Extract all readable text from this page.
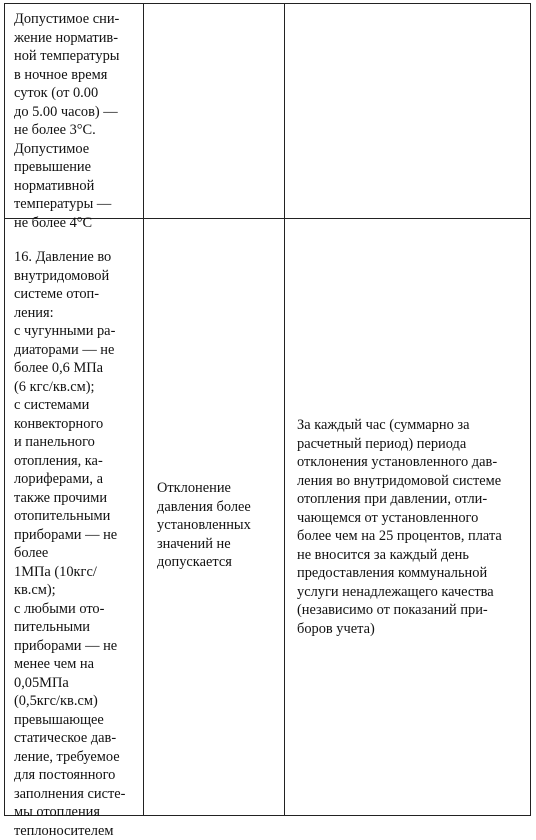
Допустимое сни-
жение норматив-
ной температуры
в ночное время
суток (от 0.00
до 5.00 часов) —
не более 3°С.
Допустимое
превышение
нормативной
температуры —
не более 4°С
16. Давление во
внутридомовой
системе отоп-
ления:
с чугунными ра-
диаторами — не
более 0,6 МПа
(6 кгс/кв.см);
с системами
конвекторного
и панельного
отопления, ка-
лориферами, а
также прочими
отопительными
приборами — не
более
1МПа (10кгс/
кв.см);
с любыми ото-
пительными
приборами — не
менее чем на
0,05МПа
(0,5кгс/кв.см)
превышающее
статическое дав-
ление, требуемое
для постоянного
заполнения систе-
мы отопления
теплоносителем
Отклонение
давления более
установленных
значений не
допускается
За каждый час (суммарно за
расчетный период) периода
отклонения установленного дав-
ления во внутридомовой системе
отопления при давлении, отли-
чающемся от установленного
более чем на 25 процентов, плата
не вносится за каждый день
предоставления коммунальной
услуги ненадлежащего качества
(независимо от показаний при-
боров учета)
